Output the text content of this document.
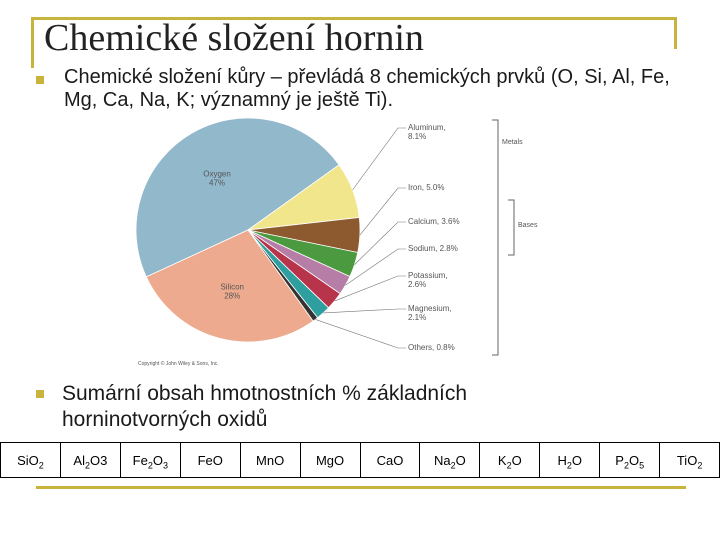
Chemické složení hornin
Chemické složení kůry – převládá 8 chemických prvků (O, Si, Al, Fe, Mg, Ca, Na, K; významný je ještě Ti).
Oxygen
47%
Aluminum, 8.1%
Iron, 5.0%
Calcium, 3.6%
Sodium, 2.8%
Potassium, 2.6%
Magnesium, 2.1%
Others, 0.8%
Silicon
28%
Metals
Bases
Copyright © John Wiley & Sons, Inc.
Sumární obsah hmotnostních % základních horninotvorných oxidů
SiO$_2$	$Al_2O3$	$Fe_2O_3$	FeO	MnO	MgO	CaO	$Na_2O$	$K_2O$	$H_2O$	$P_2O_5$	TiO$_2$
